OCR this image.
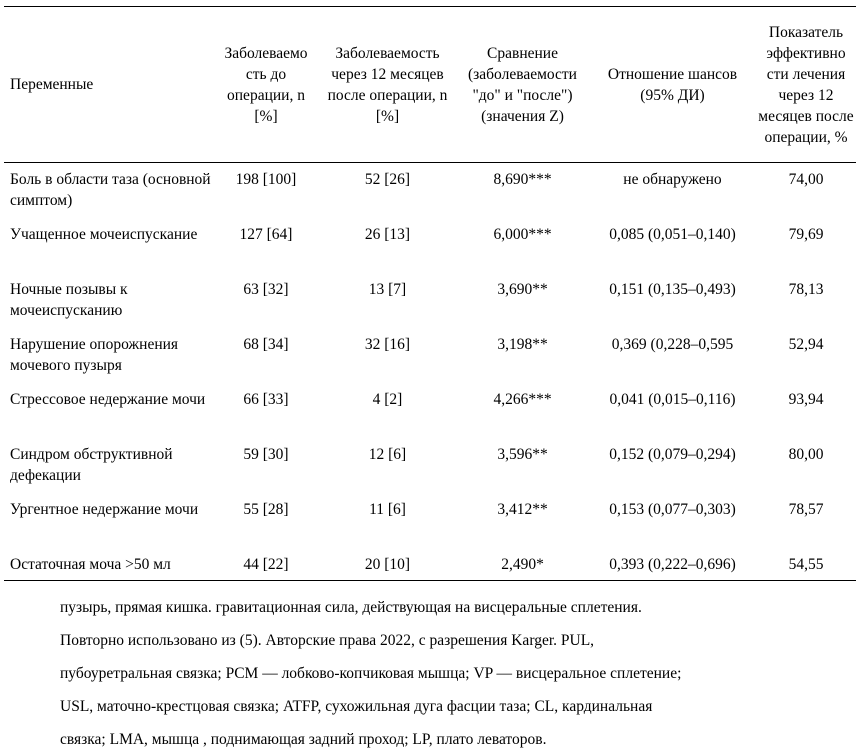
Переменные	Заболеваемо сть до операции, n [%]	Заболеваемость через 12 месяцев после операции, n [%]	Сравнение (заболеваемости "до" и "после") (значения Z)	Отношение шансов (95% ДИ)	Показатель эффективно сти лечения через 12 месяцев после операции, %
Боль в области таза (основной симптом)	198 [100]	52 [26]	8,690***	не обнаружено	74,00
Учащенное мочеиспускание	127 [64]	26 [13]	6,000***	0,085 (0,051–0,140)	79,69
Ночные позывы к мочеиспусканию	63 [32]	13 [7]	3,690**	0,151 (0,135–0,493)	78,13
Нарушение опорожнения мочевого пузыря	68 [34]	32 [16]	3,198**	0,369 (0,228–0,595	52,94
Стрессовое недержание мочи	66 [33]	4 [2]	4,266***	0,041 (0,015–0,116)	93,94
Синдром обструктивной дефекации	59 [30]	12 [6]	3,596**	0,152 (0,079–0,294)	80,00
Ургентное недержание мочи	55 [28]	11 [6]	3,412**	0,153 (0,077–0,303)	78,57
Остаточная моча >50 мл	44 [22]	20 [10]	2,490*	0,393 (0,222–0,696)	54,55

пузырь, прямая кишка. гравитационная сила, действующая на висцеральные сплетения.

Повторно использовано из (5). Авторские права 2022, с разрешения Karger. PUL,

пубоуретральная связка; PCM — лобково-копчиковая мышца; VP — висцеральное сплетение;

USL, маточно-крестцовая связка; ATFP, сухожильная дуга фасции таза; CL, кардинальная

связка; LMA, мышца , поднимающая задний проход; LP, плато леваторов.
